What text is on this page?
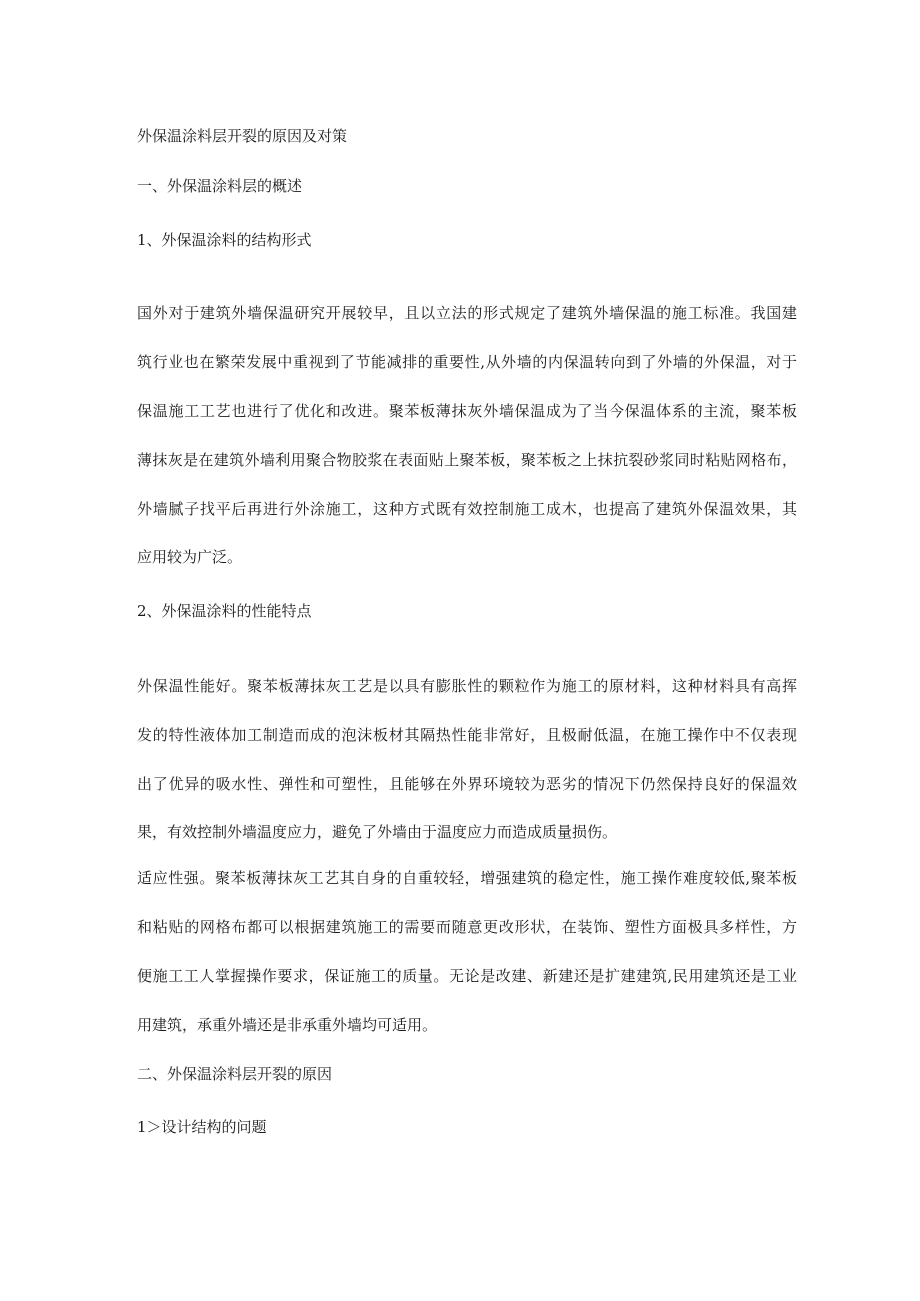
外保温涂料层开裂的原因及对策
一、外保温涂料层的概述
1、外保温涂料的结构形式
国外对于建筑外墙保温研究开展较早，且以立法的形式规定了建筑外墙保温的施工标准。我国建
筑行业也在繁荣发展中重视到了节能减排的重要性,从外墙的内保温转向到了外墙的外保温，对于
保温施工工艺也进行了优化和改进。聚苯板薄抹灰外墙保温成为了当今保温体系的主流，聚苯板
薄抹灰是在建筑外墙利用聚合物胶浆在表面贴上聚苯板，聚苯板之上抹抗裂砂浆同时粘贴网格布，
外墙腻子找平后再进行外涂施工，这种方式既有效控制施工成木，也提高了建筑外保温效果，其
应用较为广泛。
2、外保温涂料的性能特点
外保温性能好。聚苯板薄抹灰工艺是以具有膨胀性的颗粒作为施工的原材料，这种材料具有高挥
发的特性液体加工制造而成的泡沫板材其隔热性能非常好，且极耐低温，在施工操作中不仅表现
出了优异的吸水性、弹性和可塑性，且能够在外界环境较为恶劣的情况下仍然保持良好的保温效
果，有效控制外墙温度应力，避免了外墙由于温度应力而造成质量损伤。
适应性强。聚苯板薄抹灰工艺其自身的自重较轻，增强建筑的稳定性，施工操作难度较低,聚苯板
和粘贴的网格布都可以根据建筑施工的需要而随意更改形状，在装饰、塑性方面极具多样性，方
便施工工人掌握操作要求，保证施工的质量。无论是改建、新建还是扩建建筑,民用建筑还是工业
用建筑，承重外墙还是非承重外墙均可适用。
二、外保温涂料层开裂的原因
1＞设计结构的问题
